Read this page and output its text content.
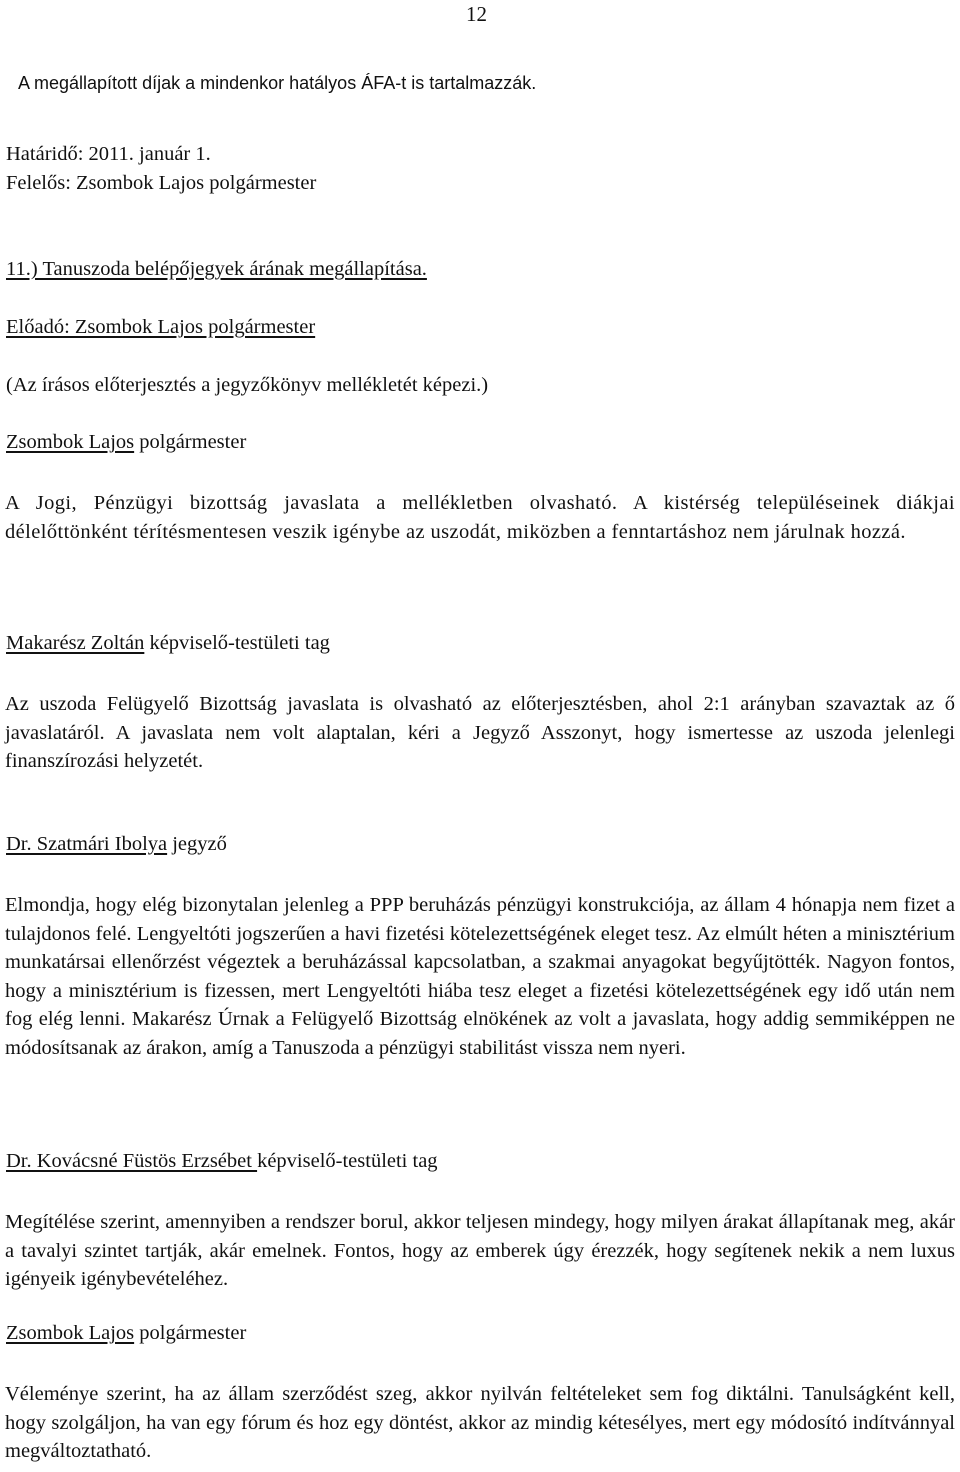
12
A megállapított díjak a mindenkor hatályos ÁFA-t is tartalmazzák.
Határidő: 2011. január 1.
Felelős: Zsombok Lajos polgármester
11.) Tanuszoda belépőjegyek árának megállapítása.
Előadó: Zsombok Lajos polgármester
(Az írásos előterjesztés a jegyzőkönyv mellékletét képezi.)
Zsombok Lajos polgármester
A Jogi, Pénzügyi bizottság javaslata a mellékletben olvasható. A kistérség településeinek diákjai délelőttönként térítésmentesen veszik igénybe az uszodát, miközben a fenntartáshoz nem járulnak hozzá.
Makarész Zoltán képviselő-testületi tag
Az uszoda Felügyelő Bizottság javaslata is olvasható az előterjesztésben, ahol 2:1 arányban szavaztak az ő javaslatáról. A javaslata nem volt alaptalan, kéri a Jegyző Asszonyt, hogy ismertesse az uszoda jelenlegi finanszírozási helyzetét.
Dr. Szatmári Ibolya jegyző
Elmondja, hogy elég bizonytalan jelenleg a PPP beruházás pénzügyi konstrukciója, az állam 4 hónapja nem fizet a tulajdonos felé. Lengyeltóti jogszerűen a havi fizetési kötelezettségének eleget tesz. Az elmúlt héten a minisztérium munkatársai ellenőrzést végeztek a beruházással kapcsolatban, a szakmai anyagokat begyűjtötték. Nagyon fontos, hogy a minisztérium is fizessen, mert Lengyeltóti hiába tesz eleget a fizetési kötelezettségének egy idő után nem fog elég lenni. Makarész Úrnak a Felügyelő Bizottság elnökének az volt a javaslata, hogy addig semmiképpen ne módosítsanak az árakon, amíg a Tanuszoda a pénzügyi stabilitást vissza nem nyeri.
Dr. Kovácsné Füstös Erzsébet képviselő-testületi tag
Megítélése szerint, amennyiben a rendszer borul, akkor teljesen mindegy, hogy milyen árakat állapítanak meg, akár a tavalyi szintet tartják, akár emelnek. Fontos, hogy az emberek úgy érezzék, hogy segítenek nekik a nem luxus igényeik igénybevételéhez.
Zsombok Lajos polgármester
Véleménye szerint, ha az állam szerződést szeg, akkor nyilván feltételeket sem fog diktálni. Tanulságként kell, hogy szolgáljon, ha van egy fórum és hoz egy döntést, akkor az mindig kétesélyes, mert egy módosító indítvánnyal megváltoztatható.
